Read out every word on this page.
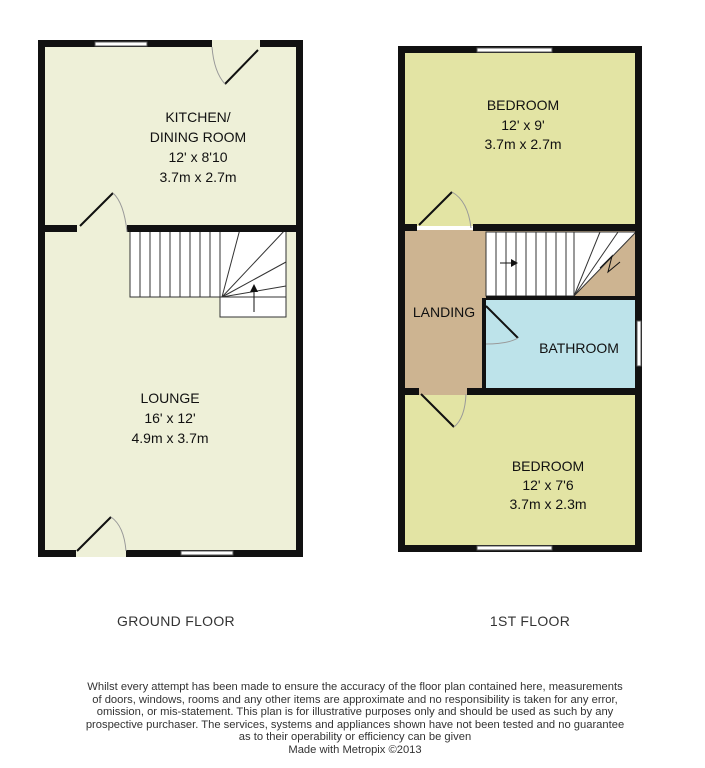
KITCHEN/
DINING ROOM
12' x 8'10
3.7m x 2.7m
LOUNGE
16' x 12'
4.9m x 3.7m
GROUND FLOOR
BEDROOM
12' x 9'
3.7m x 2.7m
LANDING
BATHROOM
BEDROOM
12' x 7'6
3.7m x 2.3m
1ST FLOOR
Whilst every attempt has been made to ensure the accuracy of the floor plan contained here, measurements
of doors, windows, rooms and any other items are approximate and no responsibility is taken for any error,
omission, or mis-statement. This plan is for illustrative purposes only and should be used as such by any
prospective purchaser. The services, systems and appliances shown have not been tested and no guarantee
as to their operability or efficiency can be given
Made with Metropix ©2013
